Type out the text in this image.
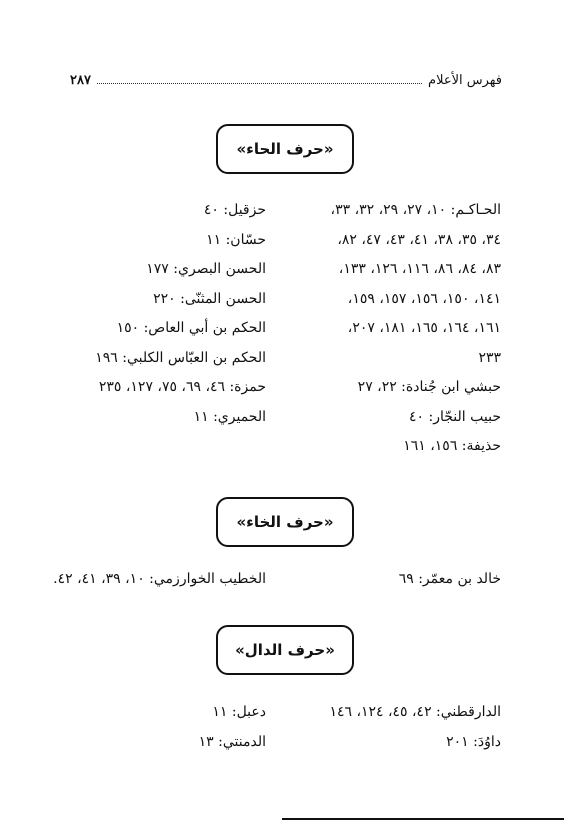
فهرس الأعلام
٢٨٧
«حرف الحاء»
الحـاكـم: ١٠، ٢٧، ٢٩، ٣٢، ٣٣،
٣٤، ٣٥، ٣٨، ٤١، ٤٣، ٤٧، ٨٢،
٨٣، ٨٤، ٨٦، ١١٦، ١٢٦، ١٣٣،
١٤١، ١٥٠، ١٥٦، ١٥٧، ١٥٩،
١٦١، ١٦٤، ١٦٥، ١٨١، ٢٠٧،
٢٣٣
حبشي ابن جُنادة: ٢٢، ٢٧
حبيب النجّار: ٤٠
حذيفة: ١٥٦، ١٦١
حزقيل: ٤٠
حسّان: ١١
الحسن البصري: ١٧٧
الحسن المثنّى: ٢٢٠
الحكم بن أبي العاص: ١٥٠
الحكم بن العبّاس الكلبي: ١٩٦
حمزة: ٤٦، ٦٩، ٧٥، ١٢٧، ٢٣٥
الحميري: ١١
«حرف الخاء»
خالد بن معمّر: ٦٩
الخطيب الخوارزمي: ١٠، ٣٩، ٤١، ٤٢.
«حرف الدال»
الدارقطني: ٤٢، ٤٥، ١٢٤، ١٤٦
داوُدَ: ٢٠١
دعبل: ١١
الدمنتي: ١٣
